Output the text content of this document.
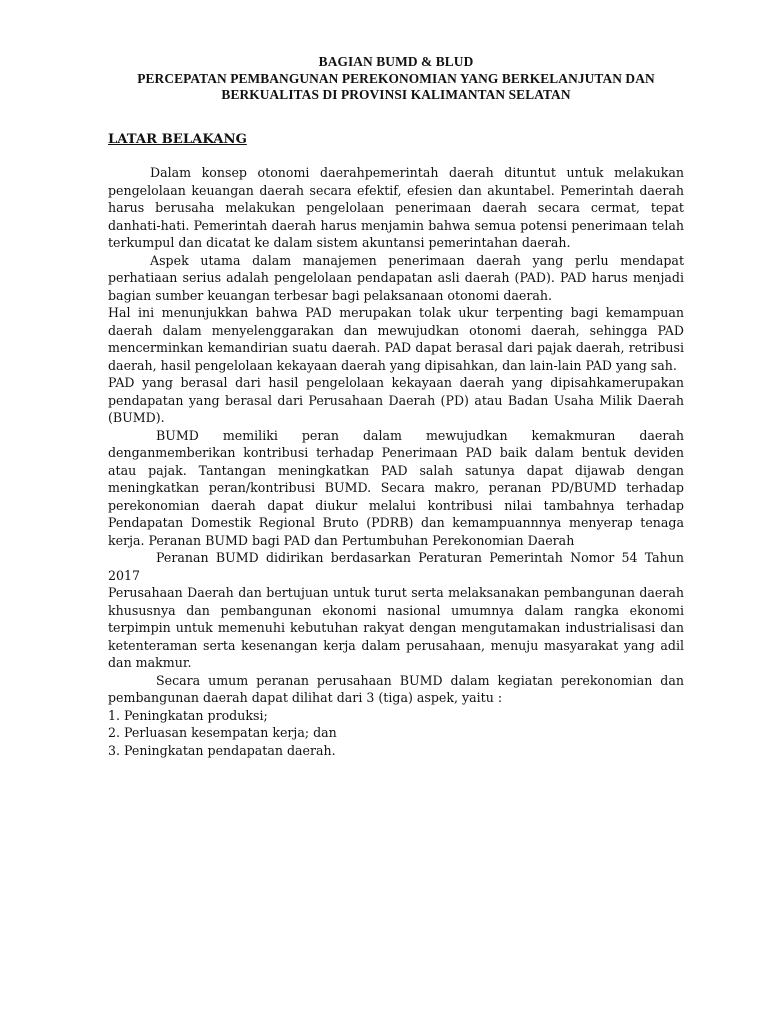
BAGIAN BUMD & BLUD
PERCEPATAN PEMBANGUNAN PEREKONOMIAN YANG BERKELANJUTAN DAN
BERKUALITAS DI PROVINSI KALIMANTAN SELATAN
LATAR BELAKANG

Dalam konsep otonomi daerahpemerintah daerah dituntut untuk melakukan pengelolaan keuangan daerah secara efektif, efesien dan akuntabel. Pemerintah daerah harus berusaha melakukan pengelolaan penerimaan daerah secara cermat, tepat danhati-hati. Pemerintah daerah harus menjamin bahwa semua potensi penerimaan telah terkumpul dan dicatat ke dalam sistem akuntansi pemerintahan daerah.

Aspek utama dalam manajemen penerimaan daerah yang perlu mendapat perhatiaan serius adalah pengelolaan pendapatan asli daerah (PAD). PAD harus menjadi bagian sumber keuangan terbesar bagi pelaksanaan otonomi daerah.

Hal ini menunjukkan bahwa PAD merupakan tolak ukur terpenting bagi kemampuan daerah dalam menyelenggarakan dan mewujudkan otonomi daerah, sehingga PAD mencerminkan kemandirian suatu daerah. PAD dapat berasal dari pajak daerah, retribusi daerah, hasil pengelolaan kekayaan daerah yang dipisahkan, dan lain-lain PAD yang sah.

PAD yang berasal dari hasil pengelolaan kekayaan daerah yang dipisahkamerupakan pendapatan yang berasal dari Perusahaan Daerah (PD) atau Badan Usaha Milik Daerah (BUMD).

BUMD memiliki peran dalam mewujudkan kemakmuran daerah denganmemberikan kontribusi terhadap Penerimaan PAD baik dalam bentuk deviden atau pajak. Tantangan meningkatkan PAD salah satunya dapat dijawab dengan meningkatkan peran/kontribusi BUMD. Secara makro, peranan PD/BUMD terhadap perekonomian daerah dapat diukur melalui kontribusi nilai tambahnya terhadap Pendapatan Domestik Regional Bruto (PDRB) dan kemampuannnya menyerap tenaga kerja. Peranan BUMD bagi PAD dan Pertumbuhan Perekonomian Daerah

Peranan BUMD didirikan berdasarkan Peraturan Pemerintah Nomor 54 Tahun 2017

Perusahaan Daerah dan bertujuan untuk turut serta melaksanakan pembangunan daerah khususnya dan pembangunan ekonomi nasional umumnya dalam rangka ekonomi terpimpin untuk memenuhi kebutuhan rakyat dengan mengutamakan industrialisasi dan ketenteraman serta kesenangan kerja dalam perusahaan, menuju masyarakat yang adil dan makmur.

Secara umum peranan perusahaan BUMD dalam kegiatan perekonomian dan pembangunan daerah dapat dilihat dari 3 (tiga) aspek, yaitu :

1. Peningkatan produksi;
2. Perluasan kesempatan kerja; dan
3. Peningkatan pendapatan daerah.
